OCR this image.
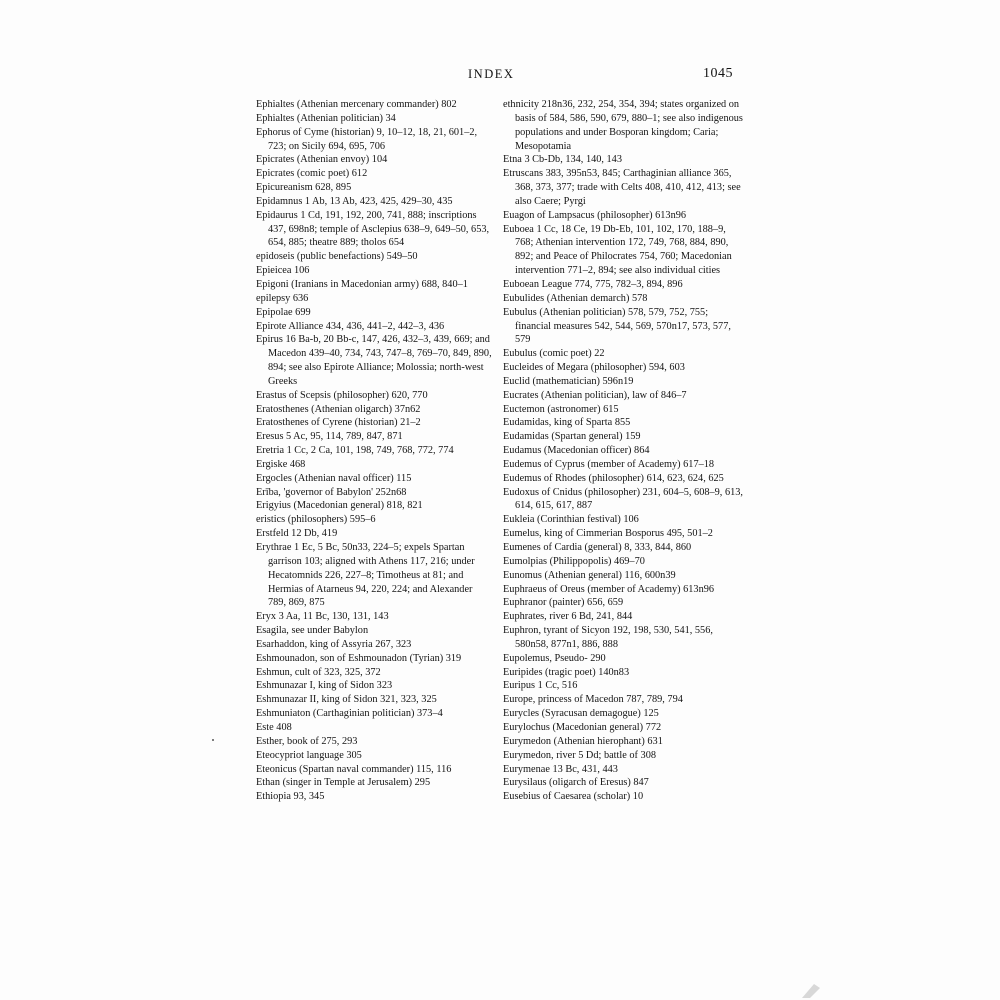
INDEX	1045

Ephialtes (Athenian mercenary commander) 802

Ephialtes (Athenian politician) 34

Ephorus of Cyme (historian) 9, 10–12, 18, 21, 601–2, 723; on Sicily 694, 695, 706

Epicrates (Athenian envoy) 104

Epicrates (comic poet) 612

Epicureanism 628, 895

Epidamnus 1 Ab, 13 Ab, 423, 425, 429–30, 435

Epidaurus 1 Cd, 191, 192, 200, 741, 888; inscriptions 437, 698n8; temple of Asclepius 638–9, 649–50, 653, 654, 885; theatre 889; tholos 654

epidoseis (public benefactions) 549–50

Epieicea 106

Epigoni (Iranians in Macedonian army) 688, 840–1

epilepsy 636

Epipolae 699

Epirote Alliance 434, 436, 441–2, 442–3, 436

Epirus 16 Ba-b, 20 Bb-c, 147, 426, 432–3, 439, 669; and Macedon 439–40, 734, 743, 747–8, 769–70, 849, 890, 894; see also Epirote Alliance; Molossia; north-west Greeks

Erastus of Scepsis (philosopher) 620, 770

Eratosthenes (Athenian oligarch) 37n62

Eratosthenes of Cyrene (historian) 21–2

Eresus 5 Ac, 95, 114, 789, 847, 871

Eretria 1 Cc, 2 Ca, 101, 198, 749, 768, 772, 774

Ergiske 468

Ergocles (Athenian naval officer) 115

Erība, 'governor of Babylon' 252n68

Erigyius (Macedonian general) 818, 821

eristics (philosophers) 595–6

Erstfeld 12 Db, 419

Erythrae 1 Ec, 5 Bc, 50n33, 224–5; expels Spartan garrison 103; aligned with Athens 117, 216; under Hecatomnids 226, 227–8; Timotheus at 81; and Hermias of Atarneus 94, 220, 224; and Alexander 789, 869, 875

Eryx 3 Aa, 11 Bc, 130, 131, 143

Esagila, see under Babylon

Esarhaddon, king of Assyria 267, 323

Eshmounadon, son of Eshmounadon (Tyrian) 319

Eshmun, cult of 323, 325, 372

Eshmunazar I, king of Sidon 323

Eshmunazar II, king of Sidon 321, 323, 325

Eshmuniaton (Carthaginian politician) 373–4

Este 408

Esther, book of 275, 293

Eteocypriot language 305

Eteonicus (Spartan naval commander) 115, 116

Ethan (singer in Temple at Jerusalem) 295

Ethiopia 93, 345

ethnicity 218n36, 232, 254, 354, 394; states organized on basis of 584, 586, 590, 679, 880–1; see also indigenous populations and under Bosporan kingdom; Caria; Mesopotamia

Etna 3 Cb-Db, 134, 140, 143

Etruscans 383, 395n53, 845; Carthaginian alliance 365, 368, 373, 377; trade with Celts 408, 410, 412, 413; see also Caere; Pyrgi

Euagon of Lampsacus (philosopher) 613n96

Euboea 1 Cc, 18 Ce, 19 Db-Eb, 101, 102, 170, 188–9, 768; Athenian intervention 172, 749, 768, 884, 890, 892; and Peace of Philocrates 754, 760; Macedonian intervention 771–2, 894; see also individual cities

Euboean League 774, 775, 782–3, 894, 896

Eubulides (Athenian demarch) 578

Eubulus (Athenian politician) 578, 579, 752, 755; financial measures 542, 544, 569, 570n17, 573, 577, 579

Eubulus (comic poet) 22

Eucleides of Megara (philosopher) 594, 603

Euclid (mathematician) 596n19

Eucrates (Athenian politician), law of 846–7

Euctemon (astronomer) 615

Eudamidas, king of Sparta 855

Eudamidas (Spartan general) 159

Eudamus (Macedonian officer) 864

Eudemus of Cyprus (member of Academy) 617–18

Eudemus of Rhodes (philosopher) 614, 623, 624, 625

Eudoxus of Cnidus (philosopher) 231, 604–5, 608–9, 613, 614, 615, 617, 887

Eukleia (Corinthian festival) 106

Eumelus, king of Cimmerian Bosporus 495, 501–2

Eumenes of Cardia (general) 8, 333, 844, 860

Eumolpias (Philippopolis) 469–70

Eunomus (Athenian general) 116, 600n39

Euphraeus of Oreus (member of Academy) 613n96

Euphranor (painter) 656, 659

Euphrates, river 6 Bd, 241, 844

Euphron, tyrant of Sicyon 192, 198, 530, 541, 556, 580n58, 877n1, 886, 888

Eupolemus, Pseudo- 290

Euripides (tragic poet) 140n83

Euripus 1 Cc, 516

Europe, princess of Macedon 787, 789, 794

Eurycles (Syracusan demagogue) 125

Eurylochus (Macedonian general) 772

Eurymedon (Athenian hierophant) 631

Eurymedon, river 5 Dd; battle of 308

Eurymenae 13 Bc, 431, 443

Eurysilaus (oligarch of Eresus) 847

Eusebius of Caesarea (scholar) 10
